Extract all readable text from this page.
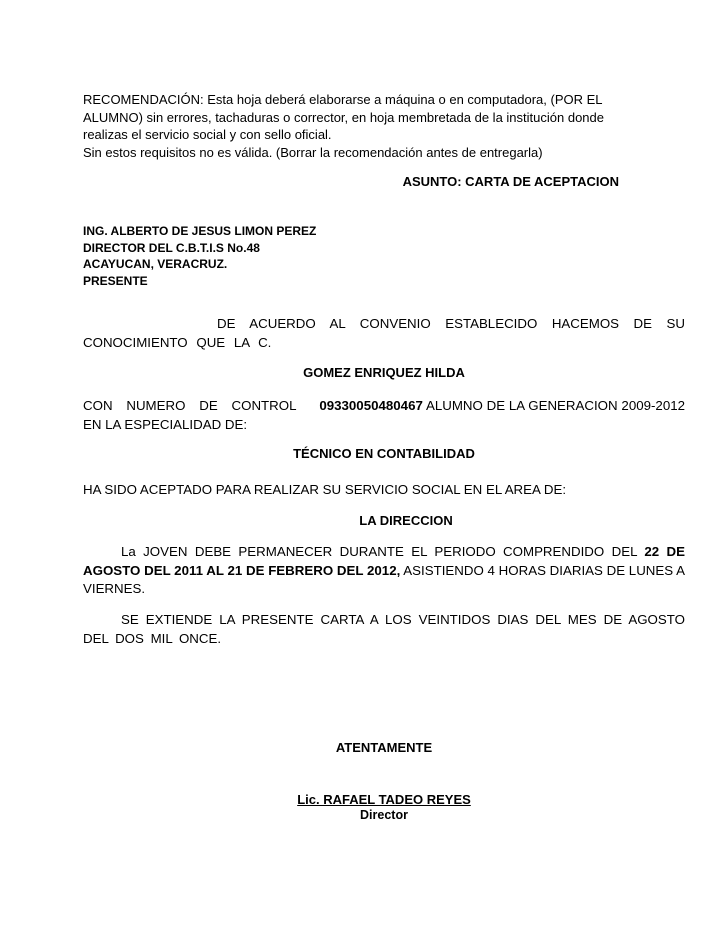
RECOMENDACIÓN: Esta hoja deberá elaborarse a máquina o en computadora, (POR EL
ALUMNO) sin errores, tachaduras o corrector, en hoja membretada de la institución donde
realizas el servicio social y con sello oficial.
Sin estos requisitos no es válida. (Borrar la recomendación antes de entregarla)
ASUNTO: CARTA DE ACEPTACION
ING. ALBERTO DE JESUS LIMON PEREZ
DIRECTOR DEL C.B.T.I.S No.48
ACAYUCAN, VERACRUZ.
PRESENTE
DE ACUERDO AL CONVENIO ESTABLECIDO HACEMOS DE SU CONOCIMIENTO QUE LA C.
GOMEZ ENRIQUEZ HILDA
CON NUMERO DE CONTROL 09330050480467 ALUMNO DE LA GENERACION 2009-2012 EN LA ESPECIALIDAD DE:
TÉCNICO EN CONTABILIDAD
HA SIDO ACEPTADO PARA REALIZAR SU SERVICIO SOCIAL EN EL AREA DE:
LA DIRECCION
La JOVEN DEBE PERMANECER DURANTE EL PERIODO COMPRENDIDO DEL 22 DE AGOSTO DEL 2011 AL 21 DE FEBRERO DEL 2012, ASISTIENDO 4 HORAS DIARIAS DE LUNES A VIERNES.
SE EXTIENDE LA PRESENTE CARTA A LOS VEINTIDOS DIAS DEL MES DE AGOSTO DEL DOS MIL ONCE.
ATENTAMENTE
Lic. RAFAEL TADEO REYES
Director
